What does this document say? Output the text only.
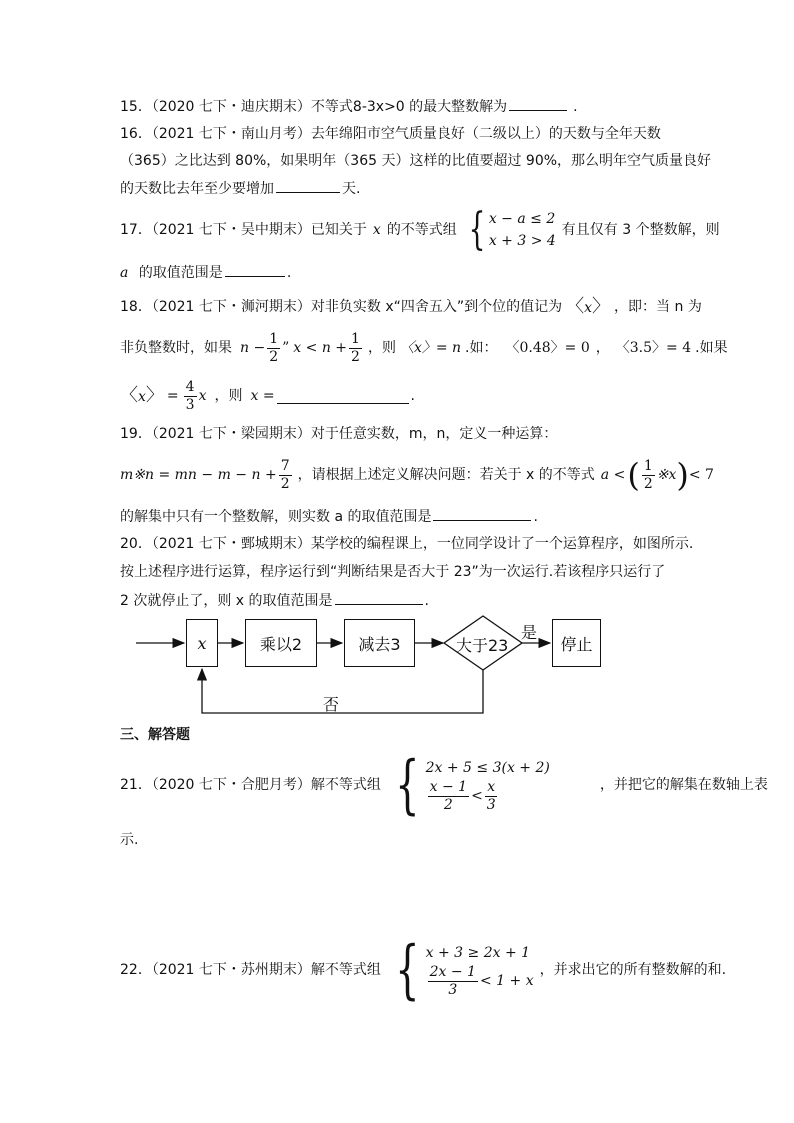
15．（2020 七下・迪庆期末）不等式8-3x>0 的最大整数解为	.
16．（2021 七下・南山月考）去年绵阳市空气质量良好（二级以上）的天数与全年天数
（365）之比达到 80%，如果明年（365 天）这样的比值要超过 90%，那么明年空气质量良好
的天数比去年至少要增加	天.
17．（2021 七下・吴中期末）已知关于 x 的不等式组 { x − a ≤ 2
x + 3 > 4
有且仅有 3 个整数解，则
a 的取值范围是	.
18．（2021 七下・浉河期末）对非负实数 x“四舍五入”到个位的值记为 〈x〉 ，即：当 n 为
非负整数时，如果 $n - \frac{1}{2}$ ” $x < n + \frac{1}{2}$ ，则 〈x〉= n .如： 〈0.48〉= 0 ， 〈3.5〉= 4 .如果
〈x〉 = $\frac{4}{3}$ x ，则 x =	.
19．（2021 七下・梁园期末）对于任意实数，m，n，定义一种运算：
m※n = mn − $m - n + \frac{7}{2}$ ，请根据上述定义解决问题：若关于 x 的不等式 a < ( $\frac{1}{2}$ ※x ) < 7
的解集中只有一个整数解，则实数 a 的取值范围是	.
20．（2021 七下・鄄城期末）某学校的编程课上，一位同学设计了一个运算程序，如图所示.
按上述程序进行运算，程序运行到“判断结果是否大于 23”为一次运行.若该程序只运行了
2 次就停止了，则 x 的取值范围是	.
x	乘以2	减去3	大于23
是
停止
否
三、解答题
21．（2020 七下・合肥月考）解不等式组 { 2x + 5 ≤ 3(x + 2)
$\frac{x - 1}{2} < \frac{x}{3}$	，并把它的解集在数轴上表
示.
22．（2021 七下・苏州期末）解不等式组 { x + 3 ≥ 2x + 1
$\frac{2x - 1}{3} < 1 + x$
，并求出它的所有整数解的和.
